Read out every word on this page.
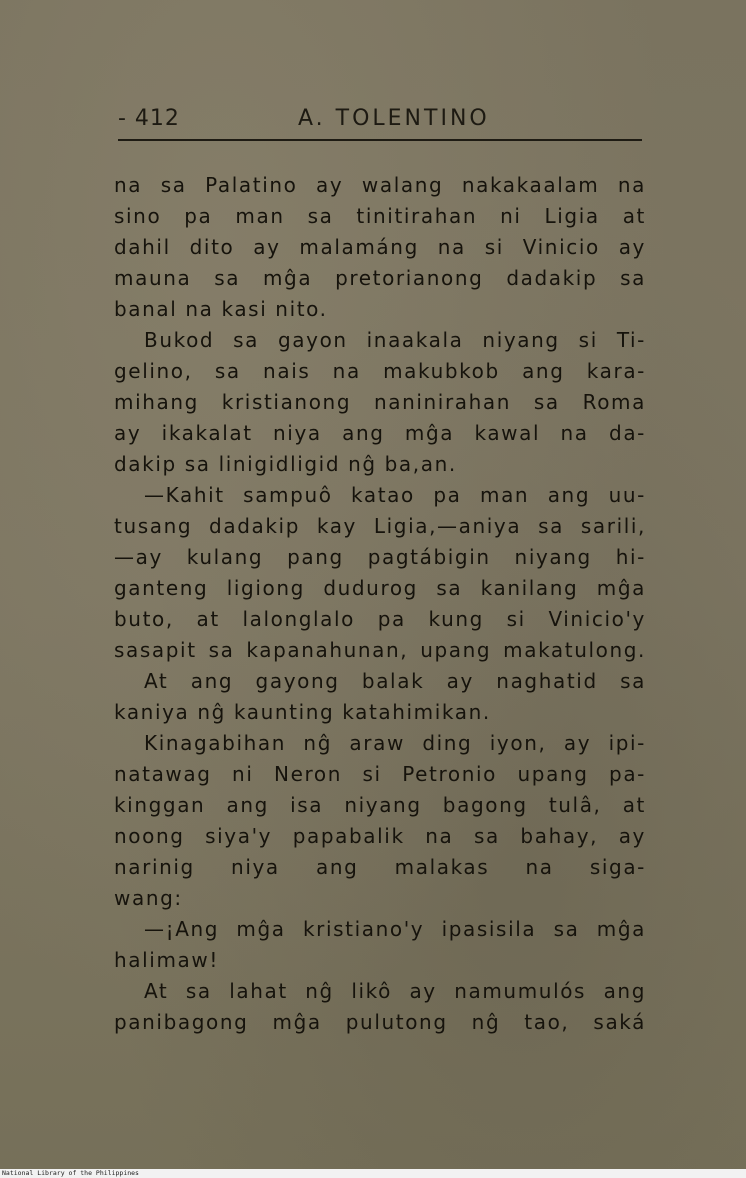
- 412	A. TOLENTINO
na sa Palatino ay walang nakakaalam na
sino pa man sa tinitirahan ni Ligia at
dahil dito ay malamáng na si Vinicio ay
mauna sa mĝa pretorianong dadakip sa
banal na kasi nito.
Bukod sa gayon inaakala niyang si Ti-
gelino, sa nais na makubkob ang kara-
mihang kristianong naninirahan sa Roma
ay ikakalat niya ang mĝa kawal na da-
dakip sa linigidligid nĝ ba,an.
—Kahit sampuô katao pa man ang uu-
tusang dadakip kay Ligia,—aniya sa sarili,
—ay kulang pang pagtábigin niyang hi-
ganteng ligiong dudurog sa kanilang mĝa
buto, at lalonglalo pa kung si Vinicio'y
sasapit sa kapanahunan, upang makatulong.
At ang gayong balak ay naghatid sa
kaniya nĝ kaunting katahimikan.
Kinagabihan nĝ araw ding iyon, ay ipi-
natawag ni Neron si Petronio upang pa-
kinggan ang isa niyang bagong tulâ, at
noong siya'y papabalik na sa bahay, ay
narinig niya ang malakas na siga-
wang:
—¡Ang mĝa kristiano'y ipasisila sa mĝa
halimaw!
At sa lahat nĝ likô ay namumulós ang
panibagong mĝa pulutong nĝ tao, saká
National Library of the Philippines
